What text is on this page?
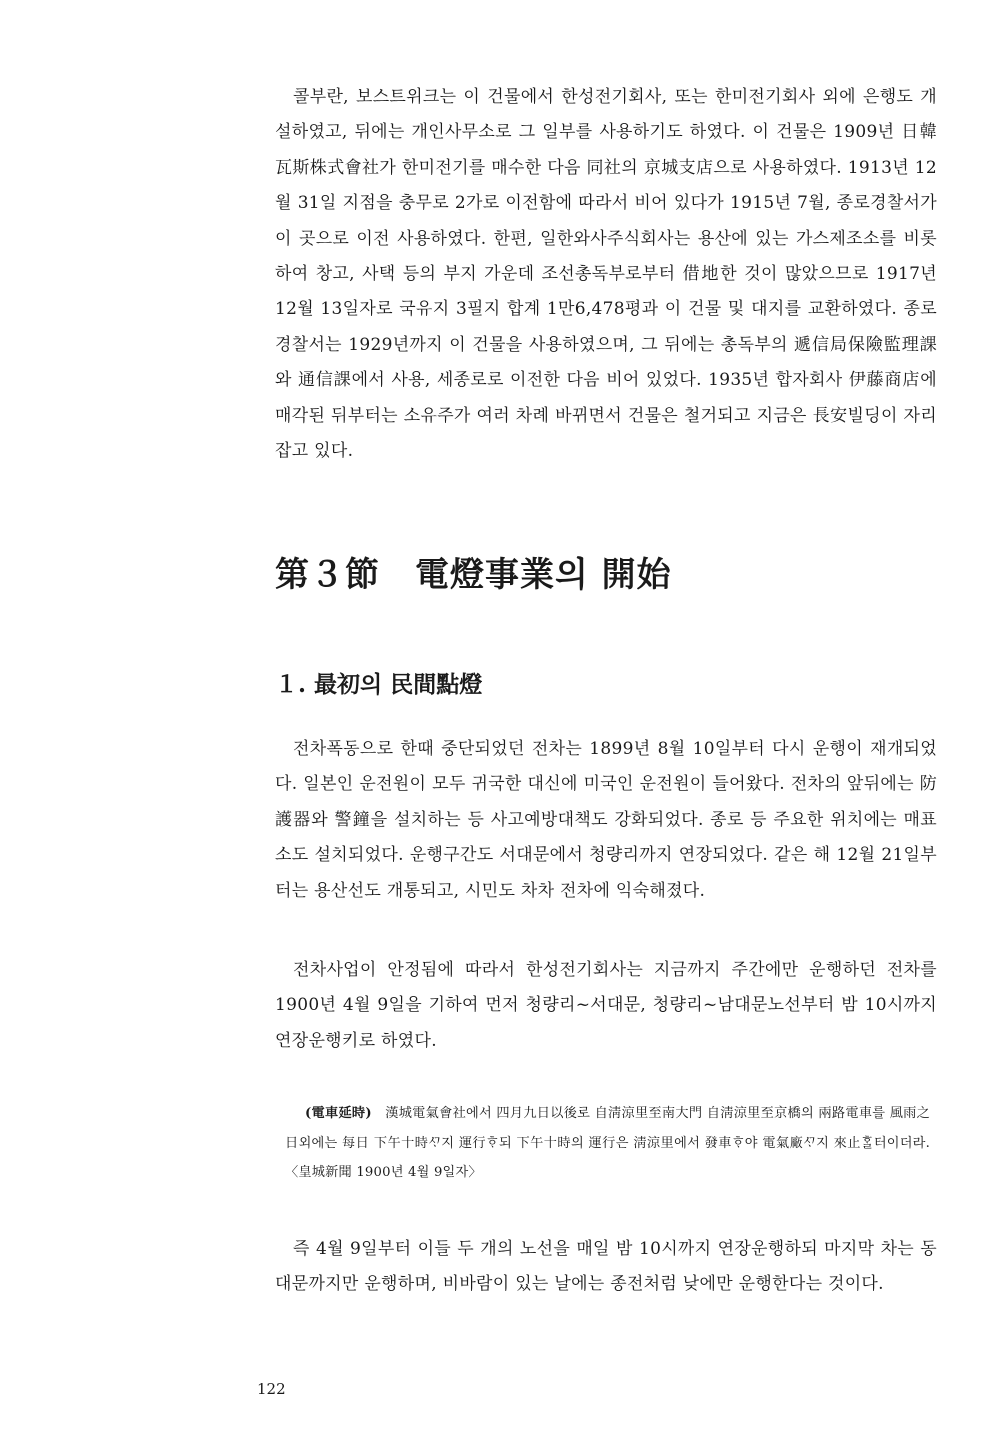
콜부란, 보스트위크는 이 건물에서 한성전기회사, 또는 한미전기회사 외에 은행도 개설하였고, 뒤에는 개인사무소로 그 일부를 사용하기도 하였다. 이 건물은 1909년 日韓瓦斯株式會社가 한미전기를 매수한 다음 同社의 京城支店으로 사용하였다. 1913년 12월 31일 지점을 충무로 2가로 이전함에 따라서 비어 있다가 1915년 7월, 종로경찰서가 이 곳으로 이전 사용하였다. 한편, 일한와사주식회사는 용산에 있는 가스제조소를 비롯하여 창고, 사택 등의 부지 가운데 조선총독부로부터 借地한 것이 많았으므로 1917년 12월 13일자로 국유지 3필지 합계 1만6,478평과 이 건물 및 대지를 교환하였다. 종로경찰서는 1929년까지 이 건물을 사용하였으며, 그 뒤에는 총독부의 遞信局保險監理課와 通信課에서 사용, 세종로로 이전한 다음 비어 있었다. 1935년 합자회사 伊藤商店에 매각된 뒤부터는 소유주가 여러 차례 바뀌면서 건물은 철거되고 지금은 長安빌딩이 자리잡고 있다.

第３節　電燈事業의 開始
１. 最初의 民間點燈

전차폭동으로 한때 중단되었던 전차는 1899년 8월 10일부터 다시 운행이 재개되었다. 일본인 운전원이 모두 귀국한 대신에 미국인 운전원이 들어왔다. 전차의 앞뒤에는 防護器와 警鐘을 설치하는 등 사고예방대책도 강화되었다. 종로 등 주요한 위치에는 매표소도 설치되었다. 운행구간도 서대문에서 청량리까지 연장되었다. 같은 해 12월 21일부터는 용산선도 개통되고, 시민도 차차 전차에 익숙해졌다.

전차사업이 안정됨에 따라서 한성전기회사는 지금까지 주간에만 운행하던 전차를 1900년 4월 9일을 기하여 먼저 청량리~서대문, 청량리~남대문노선부터 밤 10시까지 연장운행키로 하였다.

(電車延時) 漢城電氣會社에서 四月九日以後로 自淸涼里至南大門 自淸涼里至京橋의 兩路電車를 風雨之日외에는 每日 下午十時ᄭᆞ지 運行ᄒᆞ되 下午十時의 運行은 淸涼里에서 發車ᄒᆞ야 電氣廠ᄭᆞ지 來止ᄒᆞᆯ터이더라. 〈皇城新聞 1900년 4월 9일자〉

즉 4월 9일부터 이들 두 개의 노선을 매일 밤 10시까지 연장운행하되 마지막 차는 동대문까지만 운행하며, 비바람이 있는 날에는 종전처럼 낮에만 운행한다는 것이다.

122
